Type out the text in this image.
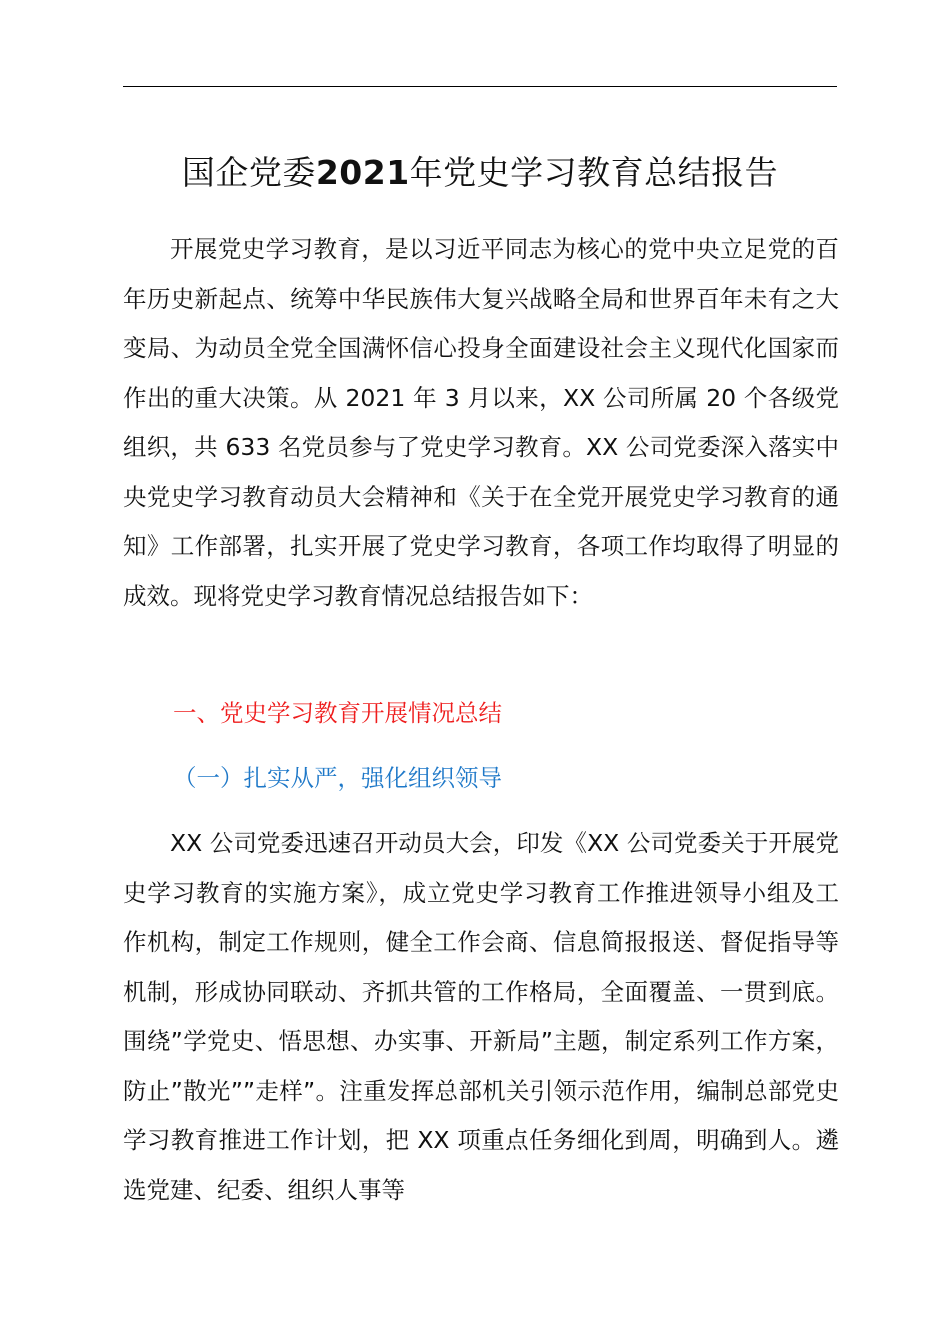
国企党委2021年党史学习教育总结报告

开展党史学习教育，是以习近平同志为核心的党中央立足党的百年历史新起点、统筹中华民族伟大复兴战略全局和世界百年未有之大变局、为动员全党全国满怀信心投身全面建设社会主义现代化国家而作出的重大决策。从 2021 年 3 月以来，XX 公司所属 20 个各级党组织，共 633 名党员参与了党史学习教育。XX 公司党委深入落实中央党史学习教育动员大会精神和《关于在全党开展党史学习教育的通知》工作部署，扎实开展了党史学习教育，各项工作均取得了明显的成效。现将党史学习教育情况总结报告如下：

一、党史学习教育开展情况总结
（一）扎实从严，强化组织领导

XX 公司党委迅速召开动员大会，印发《XX 公司党委关于开展党史学习教育的实施方案》，成立党史学习教育工作推进领导小组及工作机构，制定工作规则，健全工作会商、信息简报报送、督促指导等机制，形成协同联动、齐抓共管的工作格局，全面覆盖、一贯到底。围绕”学党史、悟思想、办实事、开新局”主题，制定系列工作方案，防止”散光””走样”。注重发挥总部机关引领示范作用，编制总部党史学习教育推进工作计划，把 XX 项重点任务细化到周，明确到人。遴选党建、纪委、组织人事等
